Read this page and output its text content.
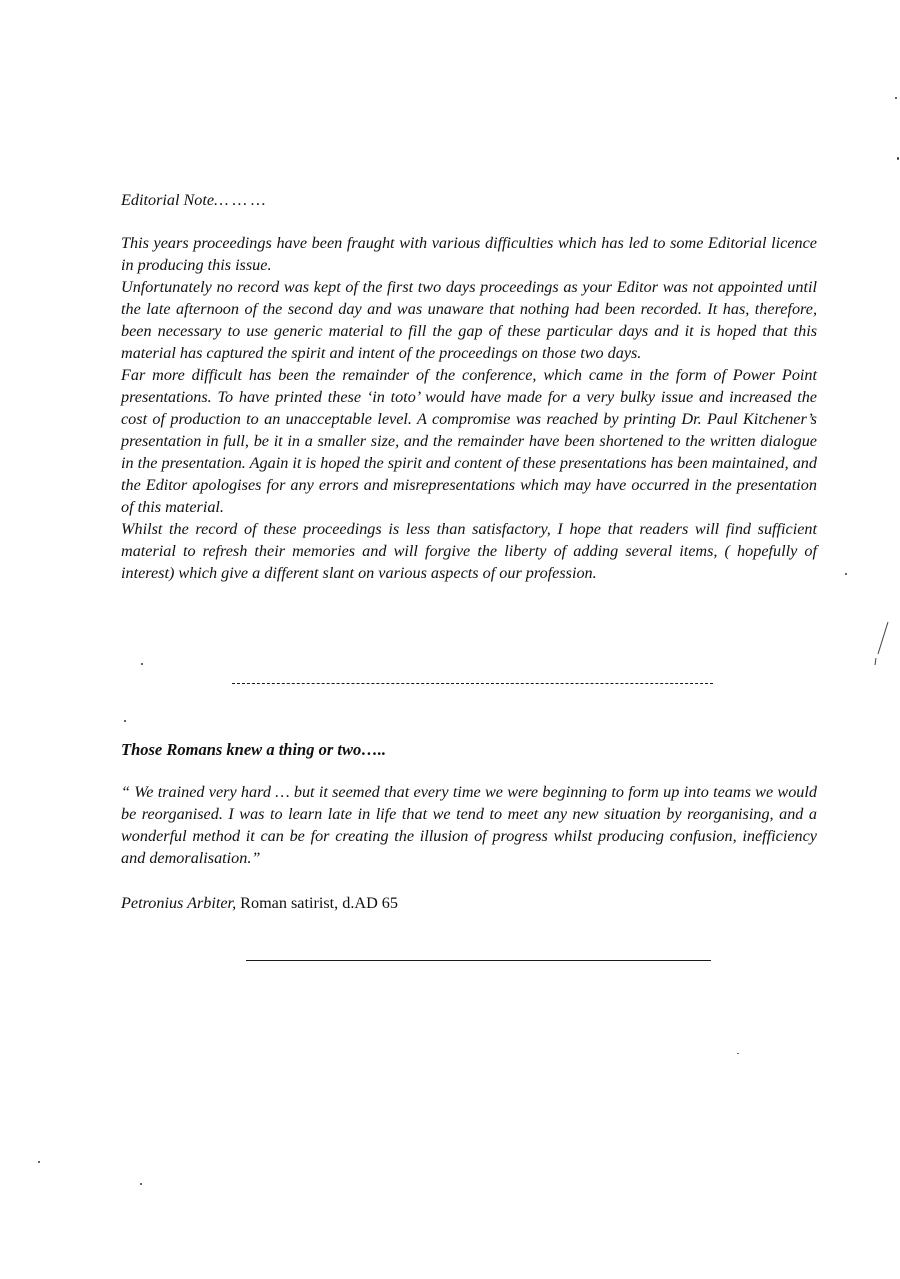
Editorial Note… … …

This years proceedings have been fraught with various difficulties which has led to some Editorial licence in producing this issue.

Unfortunately no record was kept of the first two days proceedings as your Editor was not appointed until the late afternoon of the second day and was unaware that nothing had been recorded. It has, therefore, been necessary to use generic material to fill the gap of these particular days and it is hoped that this material has captured the spirit and intent of the proceedings on those two days.

Far more difficult has been the remainder of the conference, which came in the form of Power Point presentations. To have printed these ‘in toto’ would have made for a very bulky issue and increased the cost of production to an unacceptable level. A compromise was reached by printing Dr. Paul Kitchener’s presentation in full, be it in a smaller size, and the remainder have been shortened to the written dialogue in the presentation. Again it is hoped the spirit and content of these presentations has been maintained, and the Editor apologises for any errors and misrepresentations which may have occurred in the presentation of this material.

Whilst the record of these proceedings is less than satisfactory, I hope that readers will find sufficient material to refresh their memories and will forgive the liberty of adding several items, ( hopefully of interest) which give a different slant on various aspects of our profession.

Those Romans knew a thing or two…..

“ We trained very hard … but it seemed that every time we were beginning to form up into teams we would be reorganised. I was to learn late in life that we tend to meet any new situation by reorganising, and a wonderful method it can be for creating the illusion of progress whilst producing confusion, inefficiency and demoralisation.”

Petronius Arbiter, Roman satirist, d.AD 65
